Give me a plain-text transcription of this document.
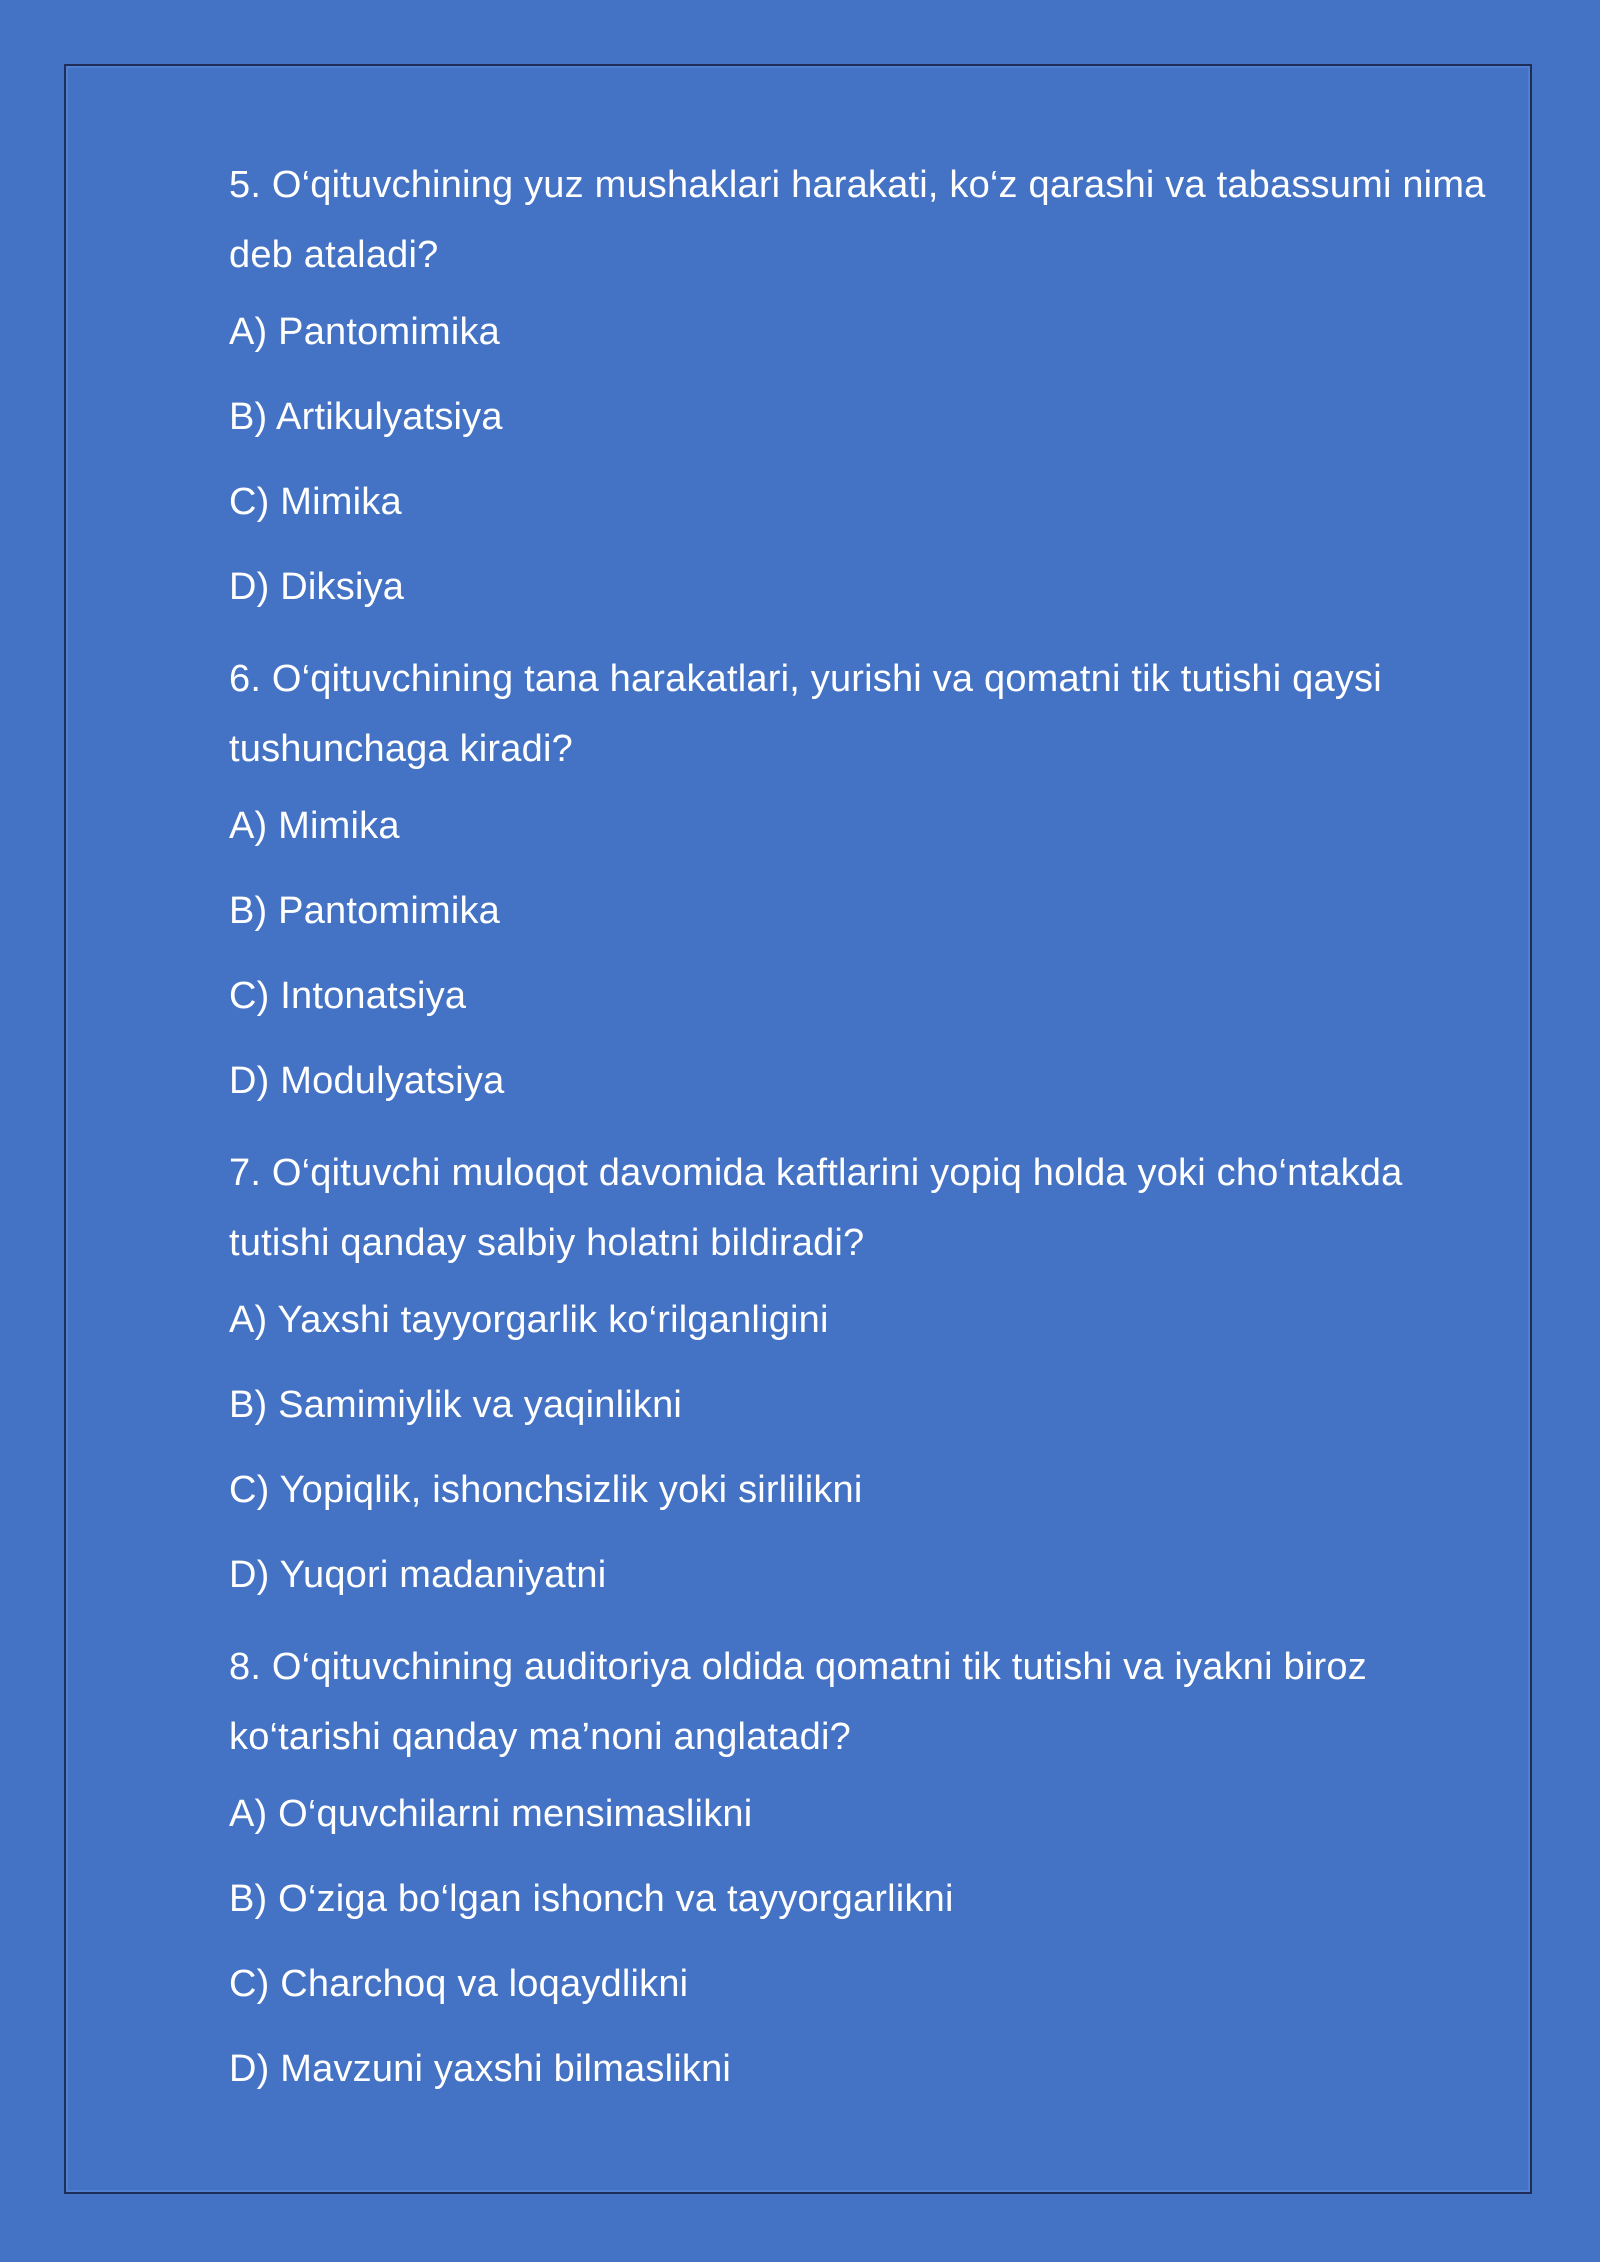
5. O‘qituvchining yuz mushaklari harakati, ko‘z qarashi va tabassumi nima deb ataladi?

A) Pantomimika
B) Artikulyatsiya
C) Mimika
D) Diksiya

6. O‘qituvchining tana harakatlari, yurishi va qomatni tik tutishi qaysi tushunchaga kiradi?

A) Mimika
B) Pantomimika
C) Intonatsiya
D) Modulyatsiya

7. O‘qituvchi muloqot davomida kaftlarini yopiq holda yoki cho‘ntakda tutishi qanday salbiy holatni bildiradi?

A) Yaxshi tayyorgarlik ko‘rilganligini
B) Samimiylik va yaqinlikni
C) Yopiqlik, ishonchsizlik yoki sirlilikni
D) Yuqori madaniyatni

8. O‘qituvchining auditoriya oldida qomatni tik tutishi va iyakni biroz ko‘tarishi qanday ma’noni anglatadi?

A) O‘quvchilarni mensimaslikni
B) O‘ziga bo‘lgan ishonch va tayyorgarlikni
C) Charchoq va loqaydlikni
D) Mavzuni yaxshi bilmaslikni
